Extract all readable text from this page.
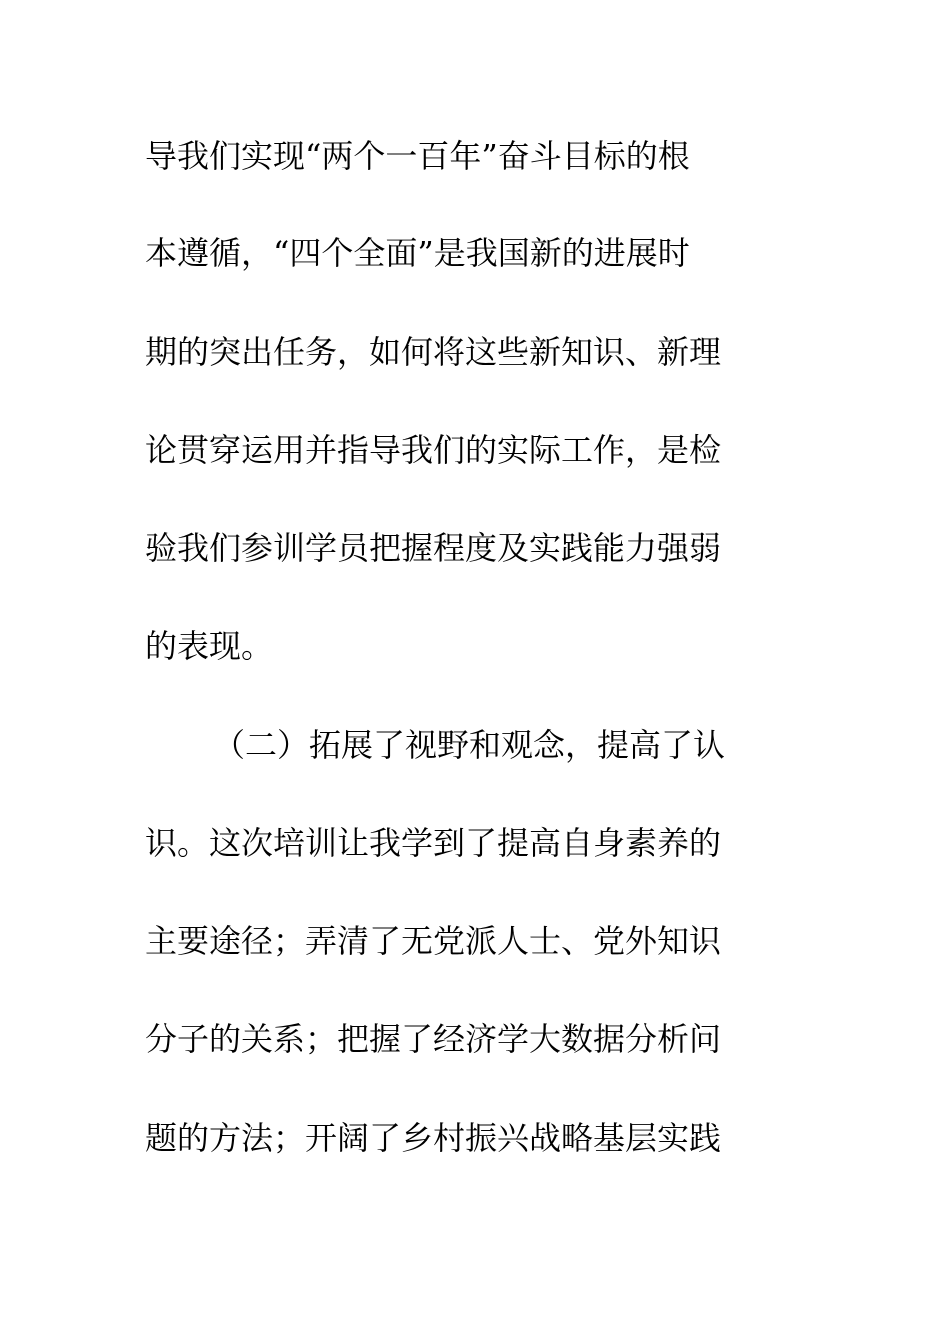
导我们实现“两个一百年”奋斗目标的根
本遵循，“四个全面”是我国新的进展时
期的突出任务，如何将这些新知识、新理
论贯穿运用并指导我们的实际工作，是检
验我们参训学员把握程度及实践能力强弱
的表现。
（二）拓展了视野和观念，提高了认
识。这次培训让我学到了提高自身素养的
主要途径；弄清了无党派人士、党外知识
分子的关系；把握了经济学大数据分析问
题的方法；开阔了乡村振兴战略基层实践
